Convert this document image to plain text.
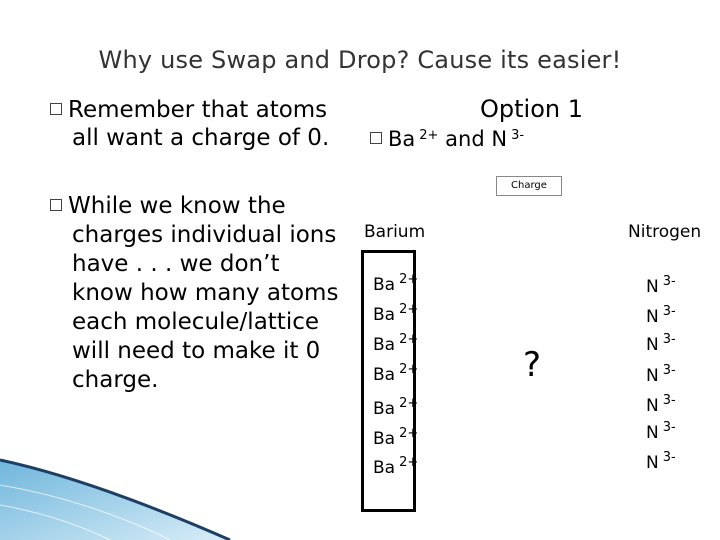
Why use Swap and Drop? Cause its easier!
Remember that atoms
all want a charge of 0.
While we know the
charges individual ions
have . . . we don’t
know how many atoms
each molecule/lattice
will need to make it 0
charge.
Option 1
Ba $^{2+}$ and N $^{3-}$
Charge
Barium	Nitrogen
Ba $^{2+}$
Ba $^{2+}$
Ba $^{2+}$
Ba $^{2+}$
Ba $^{2+}$
Ba $^{2+}$
Ba $^{2+}$
N $^{3-}$
N $^{3-}$
N $^{3-}$
N $^{3-}$
N $^{3-}$
N $^{3-}$
N $^{3-}$
?
